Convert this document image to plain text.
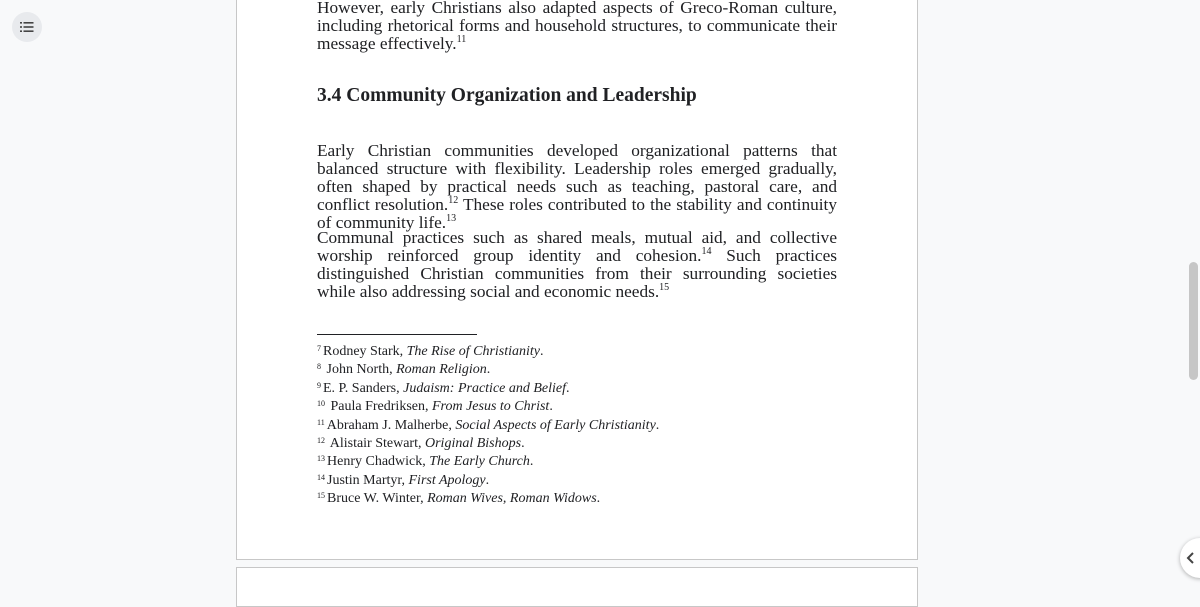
However, early Christians also adapted aspects of Greco-Roman culture, including rhetorical forms and household structures, to communicate their message effectively.$^{11}$

3.4 Community Organization and Leadership

Early Christian communities developed organizational patterns that balanced structure with flexibility. Leadership roles emerged gradually, often shaped by practical needs such as teaching, pastoral care, and conflict resolution.$^{12}$ These roles contributed to the stability and continuity of community life.$^{13}$

Communal practices such as shared meals, mutual aid, and collective worship reinforced group identity and cohesion.$^{14}$ Such practices distinguished Christian communities from their surrounding societies while also addressing social and economic needs.$^{15}$

$^7$ Rodney Stark, The Rise of Christianity.
$^8$ John North, Roman Religion.
$^9$ E. P. Sanders, Judaism: Practice and Belief.
$^{10}$ Paula Fredriksen, From Jesus to Christ.
$^{11}$ Abraham J. Malherbe, Social Aspects of Early Christianity.
$^{12}$ Alistair Stewart, Original Bishops.
$^{13}$ Henry Chadwick, The Early Church.
$^{14}$ Justin Martyr, First Apology.
$^{15}$ Bruce W. Winter, Roman Wives, Roman Widows.
